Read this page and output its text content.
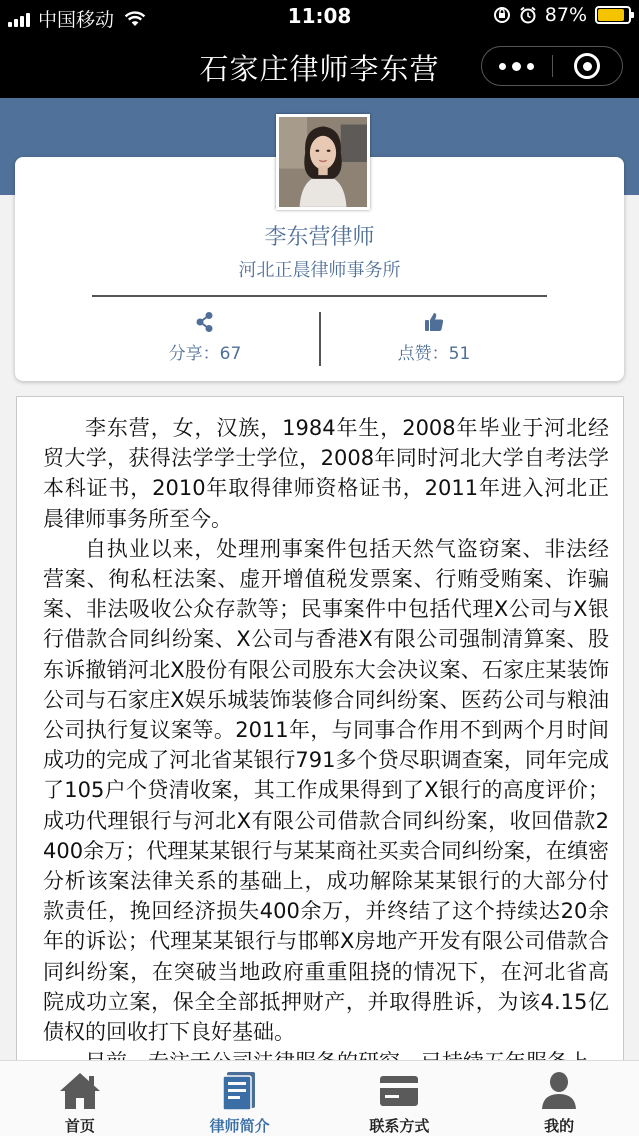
中国移动	11:08	87%
石家庄律师李东营
李东营律师
河北正晨律师事务所
分享：67	点赞：51

李东营，女，汉族，1984年生，2008年毕业于河北经贸大学，获得法学学士学位，2008年同时河北大学自考法学本科证书，2010年取得律师资格证书，2011年进入河北正晨律师事务所至今。

自执业以来，处理刑事案件包括天然气盗窃案、非法经营案、徇私枉法案、虚开增值税发票案、行贿受贿案、诈骗案、非法吸收公众存款等；民事案件中包括代理X公司与X银行借款合同纠纷案、X公司与香港X有限公司强制清算案、股东诉撤销河北X股份有限公司股东大会决议案、石家庄某装饰公司与石家庄X娱乐城装饰装修合同纠纷案、医药公司与粮油公司执行复议案等。2011年，与同事合作用不到两个月时间成功的完成了河北省某银行791多个贷尽职调查案，同年完成了105户个贷清收案，其工作成果得到了X银行的高度评价；成功代理银行与河北X有限公司借款合同纠纷案，收回借款2400余万；代理某某银行与某某商社买卖合同纠纷案，在缜密分析该案法律关系的基础上，成功解除某某银行的大部分付款责任，挽回经济损失400余万，并终结了这个持续达20余年的诉讼；代理某某银行与邯郸X房地产开发有限公司借款合同纠纷案，在突破当地政府重重阻挠的情况下，在河北省高院成功立案，保全全部抵押财产，并取得胜诉，为该4.15亿债权的回收打下良好基础。

首页	律师简介	联系方式	我的
